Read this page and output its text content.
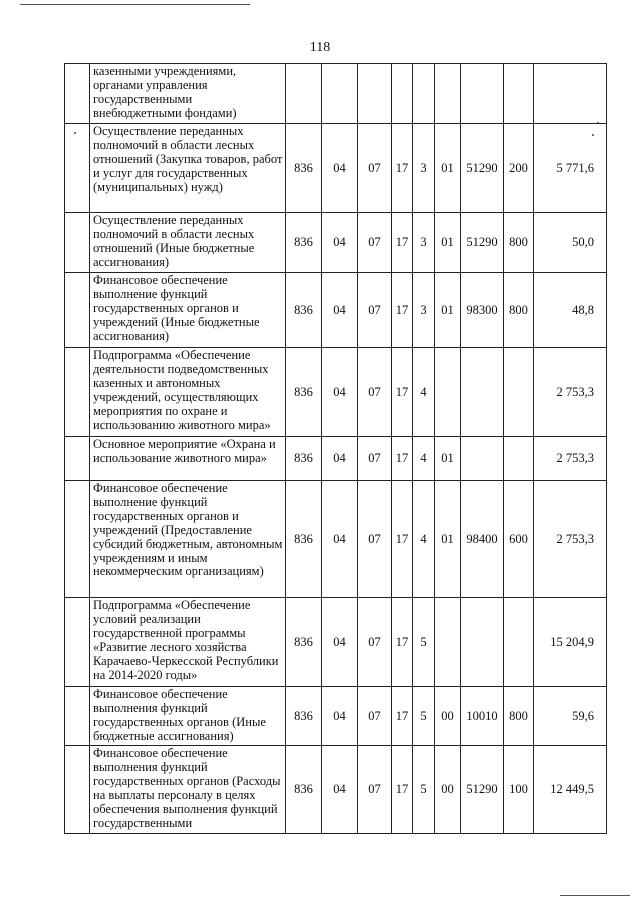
118
	казенными учреждениями, органами управления государственными внебюджетными фондами)									
	Осуществление переданных полномочий в области лесных отношений (Закупка товаров, работ и услуг для государственных (муниципальных) нужд)	836	04	07	17	3	01	51290	200	5 771,6
	Осуществление переданных полномочий в области лесных отношений (Иные бюджетные ассигнования)	836	04	07	17	3	01	51290	800	50,0
	Финансовое обеспечение выполнение функций государственных органов и учреждений (Иные бюджетные ассигнования)	836	04	07	17	3	01	98300	800	48,8
	Подпрограмма «Обеспечение деятельности подведомственных казенных и автономных учреждений, осуществляющих мероприятия по охране и использованию животного мира»	836	04	07	17	4				2 753,3
	Основное мероприятие «Охрана и использование животного мира»	836	04	07	17	4	01			2 753,3
	Финансовое обеспечение выполнение функций государственных органов и учреждений (Предоставление субсидий бюджетным, автономным учреждениям и иным некоммерческим организациям)	836	04	07	17	4	01	98400	600	2 753,3
	Подпрограмма «Обеспечение условий реализации государственной программы «Развитие лесного хозяйства Карачаево-Черкесской Республики на 2014-2020 годы»	836	04	07	17	5				15 204,9
	Финансовое обеспечение выполнения функций государственных органов (Иные бюджетные ассигнования)	836	04	07	17	5	00	10010	800	59,6
	Финансовое обеспечение выполнения функций государственных органов (Расходы на выплаты персоналу в целях обеспечения выполнения функций государственными	836	04	07	17	5	00	51290	100	12 449,5
